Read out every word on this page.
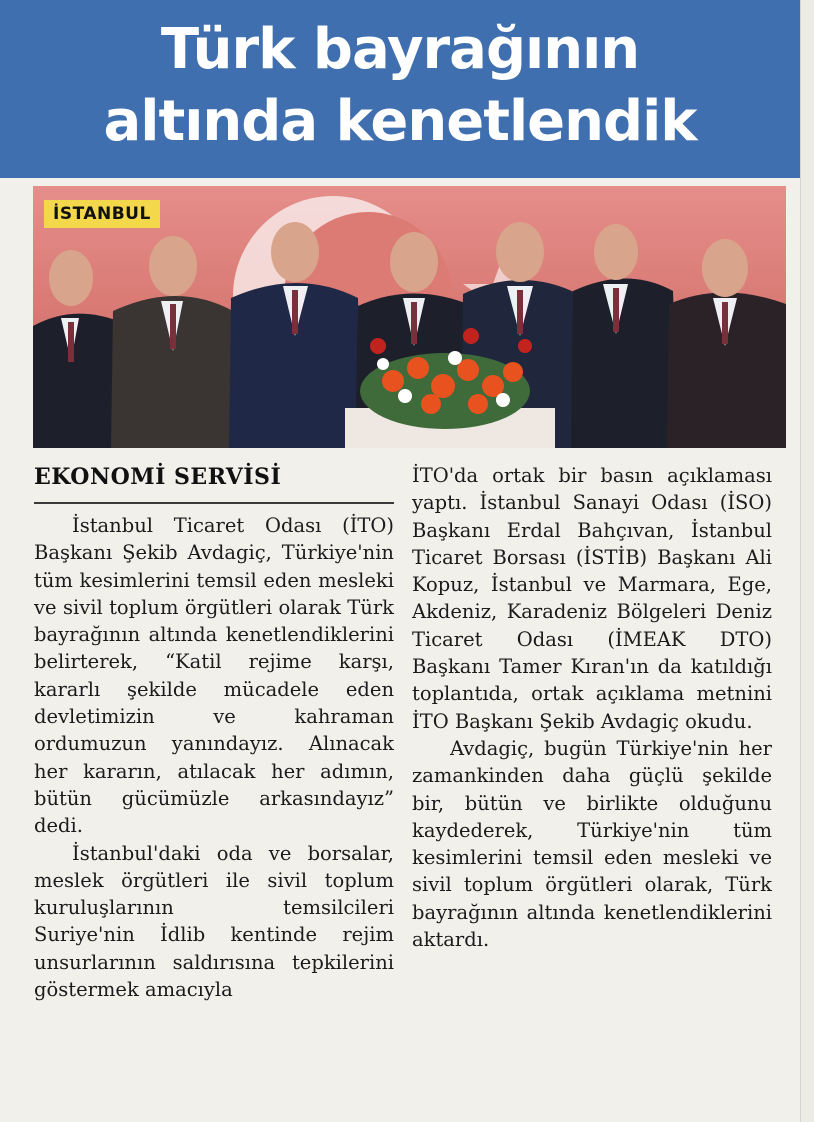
Türk bayrağının
altında kenetlendik
İSTANBUL
EKONOMİ SERVİSİ

İstanbul Ticaret Odası (İTO) Başkanı Şekib Avdagiç, Türkiye'nin tüm kesimlerini temsil eden mesleki ve sivil toplum örgütleri olarak Türk bayrağının altında kenetlendiklerini belirterek, “Katil rejime karşı, kararlı şekilde mücadele eden devletimizin ve kahraman ordumuzun yanındayız. Alınacak her kararın, atılacak her adımın, bütün gücümüzle arkasındayız” dedi.

İstanbul'daki oda ve borsalar, meslek örgütleri ile sivil toplum kuruluşlarının temsilcileri Suriye'nin İdlib kentinde rejim unsurlarının saldırısına tepkilerini göstermek amacıyla

İTO'da ortak bir basın açıklaması yaptı. İstanbul Sanayi Odası (İSO) Başkanı Erdal Bahçıvan, İstanbul Ticaret Borsası (İSTİB) Başkanı Ali Kopuz, İstanbul ve Marmara, Ege, Akdeniz, Karadeniz Bölgeleri Deniz Ticaret Odası (İMEAK DTO) Başkanı Tamer Kıran'ın da katıldığı toplantıda, ortak açıklama metnini İTO Başkanı Şekib Avdagiç okudu.

Avdagiç, bugün Türkiye'nin her zamankinden daha güçlü şekilde bir, bütün ve birlikte olduğunu kaydederek, Türkiye'nin tüm kesimlerini temsil eden mesleki ve sivil toplum örgütleri olarak, Türk bayrağının altında kenetlendiklerini aktardı.
